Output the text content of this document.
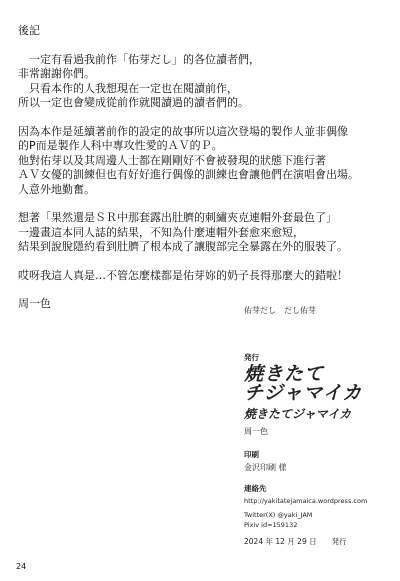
後記

　一定有看過我前作「佑芽だし」的各位讀者們，

非常謝謝你們。

　只看本作的人我想現在一定也在閱讀前作，

所以一定也會變成從前作就閱讀過的讀者們的。

因為本作是延續著前作的設定的故事所以這次登場的製作人並非偶像

的P而是製作人科中專攻性愛的ＡＶ的Ｐ。

他對佑芽以及其周邊人士都在剛剛好不會被發現的狀態下進行著

ＡＶ女優的訓練但也有好好進行偶像的訓練也會讓他們在演唱會出場。

人意外地勤奮。

想著「果然還是ＳＲ中那套露出肚臍的刺繡夾克連帽外套最色了」

一邊畫這本同人誌的結果，不知為什麼連帽外套愈來愈短，

結果到說脫隱約看到肚臍了根本成了讓腹部完全暴露在外的服裝了。

哎呀我這人真是…不管怎麼樣都是佑芽妳的奶子長得那麼大的錯啦！

周一色

佑芽だし　だし佑芽
発行
焼きたて
チジャマイカ
焼きたてジャマイカ
周一色
印刷
金沢印刷 様
連絡先
http://yakitatejamaica.wordpress.com
Twitter(X) @yaki_JAM
Pixiv id=159132
2024 年 12 月 29 日　　発行
24
